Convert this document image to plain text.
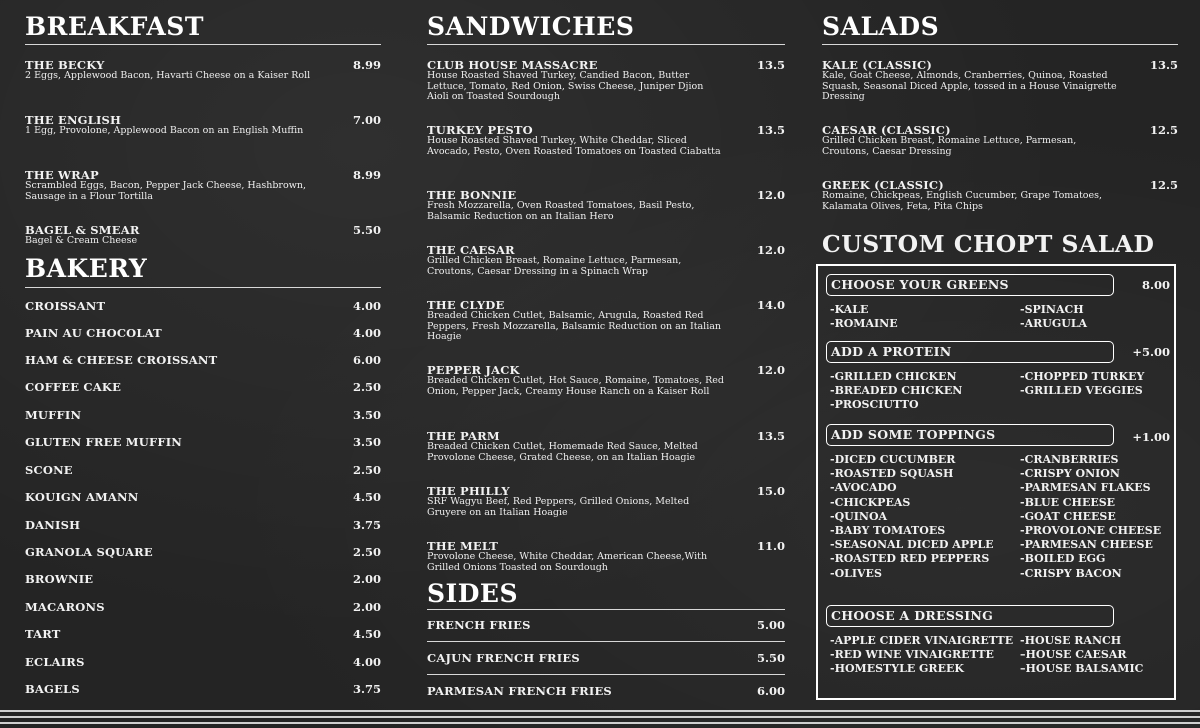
BREAKFAST
THE BECKY
2 Eggs, Applewood Bacon, Havarti Cheese on a Kaiser Roll
8.99
THE ENGLISH
1 Egg, Provolone, Applewood Bacon on an English Muffin
7.00
THE WRAP
Scrambled Eggs, Bacon, Pepper Jack Cheese, Hashbrown, Sausage in a Flour Tortilla
8.99
BAGEL & SMEAR
Bagel & Cream Cheese
5.50
BAKERY
CROISSANT	4.00
PAIN AU CHOCOLAT	4.00
HAM & CHEESE CROISSANT	6.00
COFFEE CAKE	2.50
MUFFIN	3.50
GLUTEN FREE MUFFIN	3.50
SCONE	2.50
KOUIGN AMANN	4.50
DANISH	3.75
GRANOLA SQUARE	2.50
BROWNIE	2.00
MACARONS	2.00
TART	4.50
ECLAIRS	4.00
BAGELS	3.75
SANDWICHES
CLUB HOUSE MASSACRE
House Roasted Shaved Turkey, Candied Bacon, Butter Lettuce, Tomato, Red Onion, Swiss Cheese, Juniper Djion Aioli on Toasted Sourdough
13.5
TURKEY PESTO
House Roasted Shaved Turkey, White Cheddar, Sliced Avocado, Pesto, Oven Roasted Tomatoes on Toasted Ciabatta
13.5
THE BONNIE
Fresh Mozzarella, Oven Roasted Tomatoes, Basil Pesto, Balsamic Reduction on an Italian Hero
12.0
THE CAESAR
Grilled Chicken Breast, Romaine Lettuce, Parmesan, Croutons, Caesar Dressing in a Spinach Wrap
12.0
THE CLYDE
Breaded Chicken Cutlet, Balsamic, Arugula, Roasted Red Peppers, Fresh Mozzarella, Balsamic Reduction on an Italian Hoagie
14.0
PEPPER JACK
Breaded Chicken Cutlet, Hot Sauce, Romaine, Tomatoes, Red Onion, Pepper Jack, Creamy House Ranch on a Kaiser Roll
12.0
THE PARM
Breaded Chicken Cutlet, Homemade Red Sauce, Melted Provolone Cheese, Grated Cheese, on an Italian Hoagie
13.5
THE PHILLY
SRF Wagyu Beef, Red Peppers, Grilled Onions, Melted Gruyere on an Italian Hoagie
15.0
THE MELT
Provolone Cheese, White Cheddar, American Cheese,With Grilled Onions Toasted on Sourdough
11.0
SIDES
FRENCH FRIES	5.00
CAJUN FRENCH FRIES	5.50
PARMESAN FRENCH FRIES	6.00
SALADS
KALE (CLASSIC)
Kale, Goat Cheese, Almonds, Cranberries, Quinoa, Roasted Squash, Seasonal Diced Apple, tossed in a House Vinaigrette Dressing
13.5
CAESAR (CLASSIC)
Grilled Chicken Breast, Romaine Lettuce, Parmesan, Croutons, Caesar Dressing
12.5
GREEK (CLASSIC)
Romaine, Chickpeas, English Cucumber, Grape Tomatoes, Kalamata Olives, Feta, Pita Chips
12.5
CUSTOM CHOPT SALAD
CHOOSE YOUR GREENS	8.00
-KALE
-ROMAINE
-SPINACH
-ARUGULA
ADD A PROTEIN	+5.00
-GRILLED CHICKEN
-BREADED CHICKEN
-PROSCIUTTO
-CHOPPED TURKEY
-GRILLED VEGGIES
ADD SOME TOPPINGS	+1.00
-DICED CUCUMBER
-ROASTED SQUASH
-AVOCADO
-CHICKPEAS
-QUINOA
-BABY TOMATOES
-SEASONAL DICED APPLE
-ROASTED RED PEPPERS
-OLIVES
-CRANBERRIES
-CRISPY ONION
-PARMESAN FLAKES
-BLUE CHEESE
-GOAT CHEESE
-PROVOLONE CHEESE
-PARMESAN CHEESE
-BOILED EGG
-CRISPY BACON
CHOOSE A DRESSING
-APPLE CIDER VINAIGRETTE
-RED WINE VINAIGRETTE
-HOMESTYLE GREEK
-HOUSE RANCH
–HOUSE CAESAR
–HOUSE BALSAMIC
